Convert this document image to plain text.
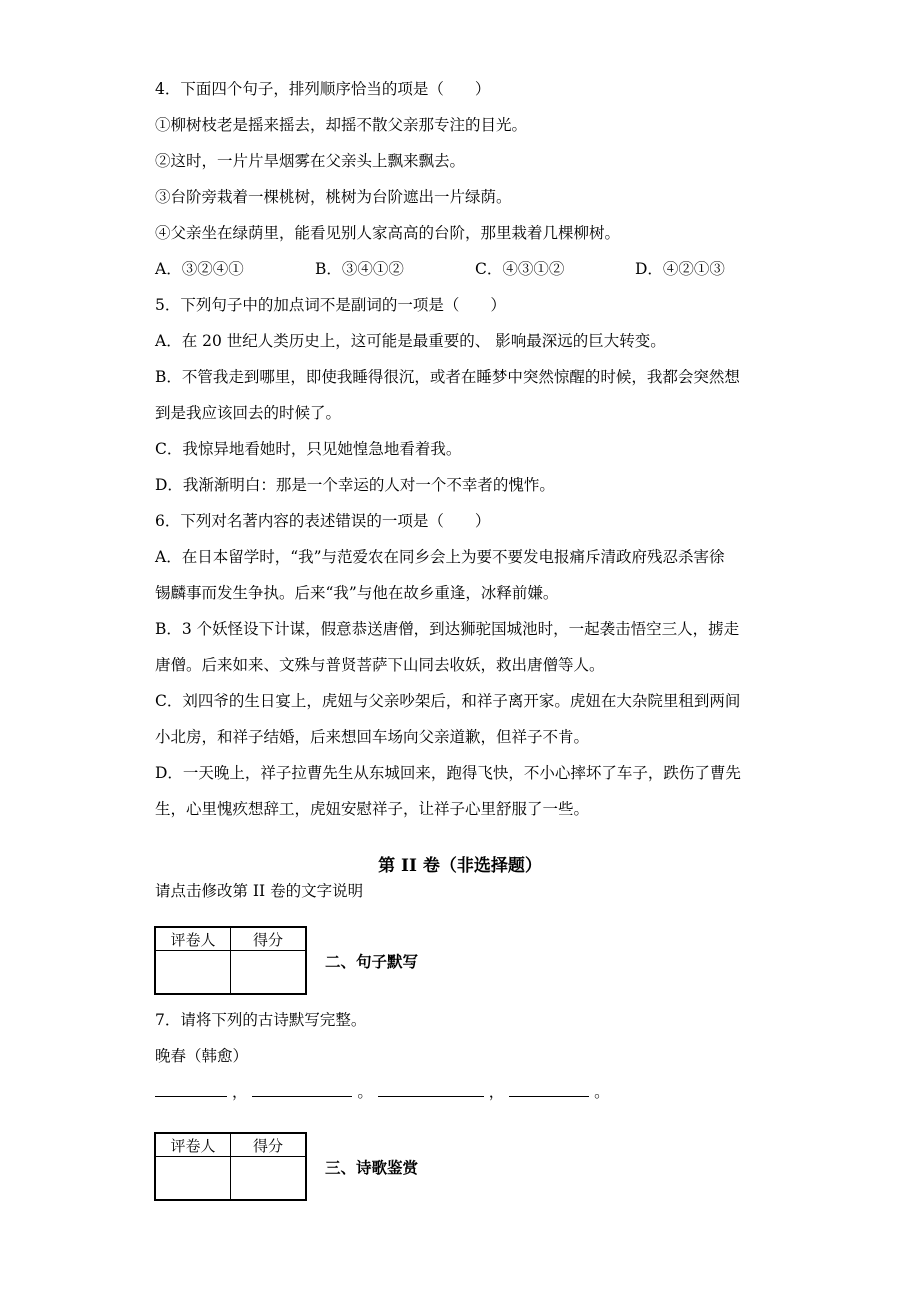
4．下面四个句子，排列顺序恰当的项是（　　）
①柳树枝老是摇来摇去，却摇不散父亲那专注的目光。
②这时，一片片旱烟雾在父亲头上飘来飘去。
③台阶旁栽着一棵桃树，桃树为台阶遮出一片绿荫。
④父亲坐在绿荫里，能看见别人家高高的台阶，那里栽着几棵柳树。
A．③②④①	B．③④①②	C．④③①②	D．④②①③
5．下列句子中的加点词不是副词的一项是（　　）
A．在 20 世纪人类历史上，这可能是最重要的、 影响最深远的巨大转变。
B．不管我走到哪里，即使我睡得很沉，或者在睡梦中突然惊醒的时候，我都会突然想
到是我应该回去的时候了。
C．我惊异地看她时，只见她惶急地看着我。
D．我渐渐明白：那是一个幸运的人对一个不幸者的愧怍。
6．下列对名著内容的表述错误的一项是（　　）
A．在日本留学时，“我”与范爱农在同乡会上为要不要发电报痛斥清政府残忍杀害徐
锡麟事而发生争执。后来“我”与他在故乡重逢，冰释前嫌。
B．3 个妖怪设下计谋，假意恭送唐僧，到达狮驼国城池时，一起袭击悟空三人，掳走
唐僧。后来如来、文殊与普贤菩萨下山同去收妖，救出唐僧等人。
C．刘四爷的生日宴上，虎妞与父亲吵架后，和祥子离开家。虎妞在大杂院里租到两间
小北房，和祥子结婚，后来想回车场向父亲道歉，但祥子不肯。
D．一天晚上，祥子拉曹先生从东城回来，跑得飞快，不小心摔坏了车子，跌伤了曹先
生，心里愧疚想辞工，虎妞安慰祥子，让祥子心里舒服了一些。
第 II 卷（非选择题）
请点击修改第 II 卷的文字说明
评卷人	得分

二、句子默写
7．请将下列的古诗默写完整。
晚春（韩愈）
，	。	，	。
评卷人	得分

三、诗歌鉴赏
